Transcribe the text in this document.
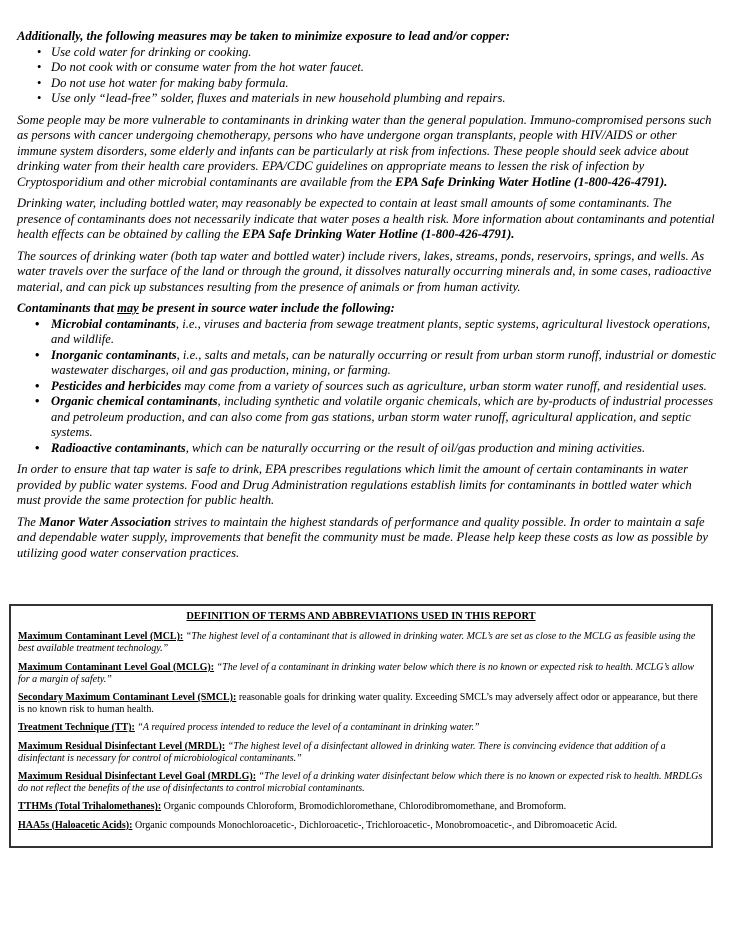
Additionally, the following measures may be taken to minimize exposure to lead and/or copper:

• Use cold water for drinking or cooking.
• Do not cook with or consume water from the hot water faucet.
• Do not use hot water for making baby formula.
• Use only “lead-free” solder, fluxes and materials in new household plumbing and repairs.

Some people may be more vulnerable to contaminants in drinking water than the general population. Immuno-compromised persons such as persons with cancer undergoing chemotherapy, persons who have undergone organ transplants, people with HIV/AIDS or other immune system disorders, some elderly and infants can be particularly at risk from infections. These people should seek advice about drinking water from their health care providers. EPA/CDC guidelines on appropriate means to lessen the risk of infection by Cryptosporidium and other microbial contaminants are available from the EPA Safe Drinking Water Hotline (1-800-426-4791).

Drinking water, including bottled water, may reasonably be expected to contain at least small amounts of some contaminants. The presence of contaminants does not necessarily indicate that water poses a health risk. More information about contaminants and potential health effects can be obtained by calling the EPA Safe Drinking Water Hotline (1-800-426-4791).

The sources of drinking water (both tap water and bottled water) include rivers, lakes, streams, ponds, reservoirs, springs, and wells. As water travels over the surface of the land or through the ground, it dissolves naturally occurring minerals and, in some cases, radioactive material, and can pick up substances resulting from the presence of animals or from human activity.

Contaminants that may be present in source water include the following:

• Microbial contaminants, i.e., viruses and bacteria from sewage treatment plants, septic systems, agricultural livestock operations, and wildlife.
• Inorganic contaminants, i.e., salts and metals, can be naturally occurring or result from urban storm runoff, industrial or domestic wastewater discharges, oil and gas production, mining, or farming.
• Pesticides and herbicides may come from a variety of sources such as agriculture, urban storm water runoff, and residential uses.
• Organic chemical contaminants, including synthetic and volatile organic chemicals, which are by-products of industrial processes and petroleum production, and can also come from gas stations, urban storm water runoff, agricultural application, and septic systems.
• Radioactive contaminants, which can be naturally occurring or the result of oil/gas production and mining activities.

In order to ensure that tap water is safe to drink, EPA prescribes regulations which limit the amount of certain contaminants in water provided by public water systems. Food and Drug Administration regulations establish limits for contaminants in bottled water which must provide the same protection for public health.

The Manor Water Association strives to maintain the highest standards of performance and quality possible. In order to maintain a safe and dependable water supply, improvements that benefit the community must be made. Please help keep these costs as low as possible by utilizing good water conservation practices.

DEFINITION OF TERMS AND ABBREVIATIONS USED IN THIS REPORT
Maximum Contaminant Level (MCL): “The highest level of a contaminant that is allowed in drinking water. MCL’s are set as close to the MCLG as feasible using the best available treatment technology.”
Maximum Contaminant Level Goal (MCLG): “The level of a contaminant in drinking water below which there is no known or expected risk to health. MCLG’s allow for a margin of safety.”
Secondary Maximum Contaminant Level (SMCL): reasonable goals for drinking water quality. Exceeding SMCL’s may adversely affect odor or appearance, but there is no known risk to human health.
Treatment Technique (TT): “A required process intended to reduce the level of a contaminant in drinking water.”
Maximum Residual Disinfectant Level (MRDL): “The highest level of a disinfectant allowed in drinking water. There is convincing evidence that addition of a disinfectant is necessary for control of microbiological contaminants.”
Maximum Residual Disinfectant Level Goal (MRDLG): “The level of a drinking water disinfectant below which there is no known or expected risk to health. MRDLGs do not reflect the benefits of the use of disinfectants to control microbial contaminants.
TTHMs (Total Trihalomethanes): Organic compounds Chloroform, Bromodichloromethane, Chlorodibromomethane, and Bromoform.
HAA5s (Haloacetic Acids): Organic compounds Monochloroacetic-, Dichloroacetic-, Trichloroacetic-, Monobromoacetic-, and Dibromoacetic Acid.
